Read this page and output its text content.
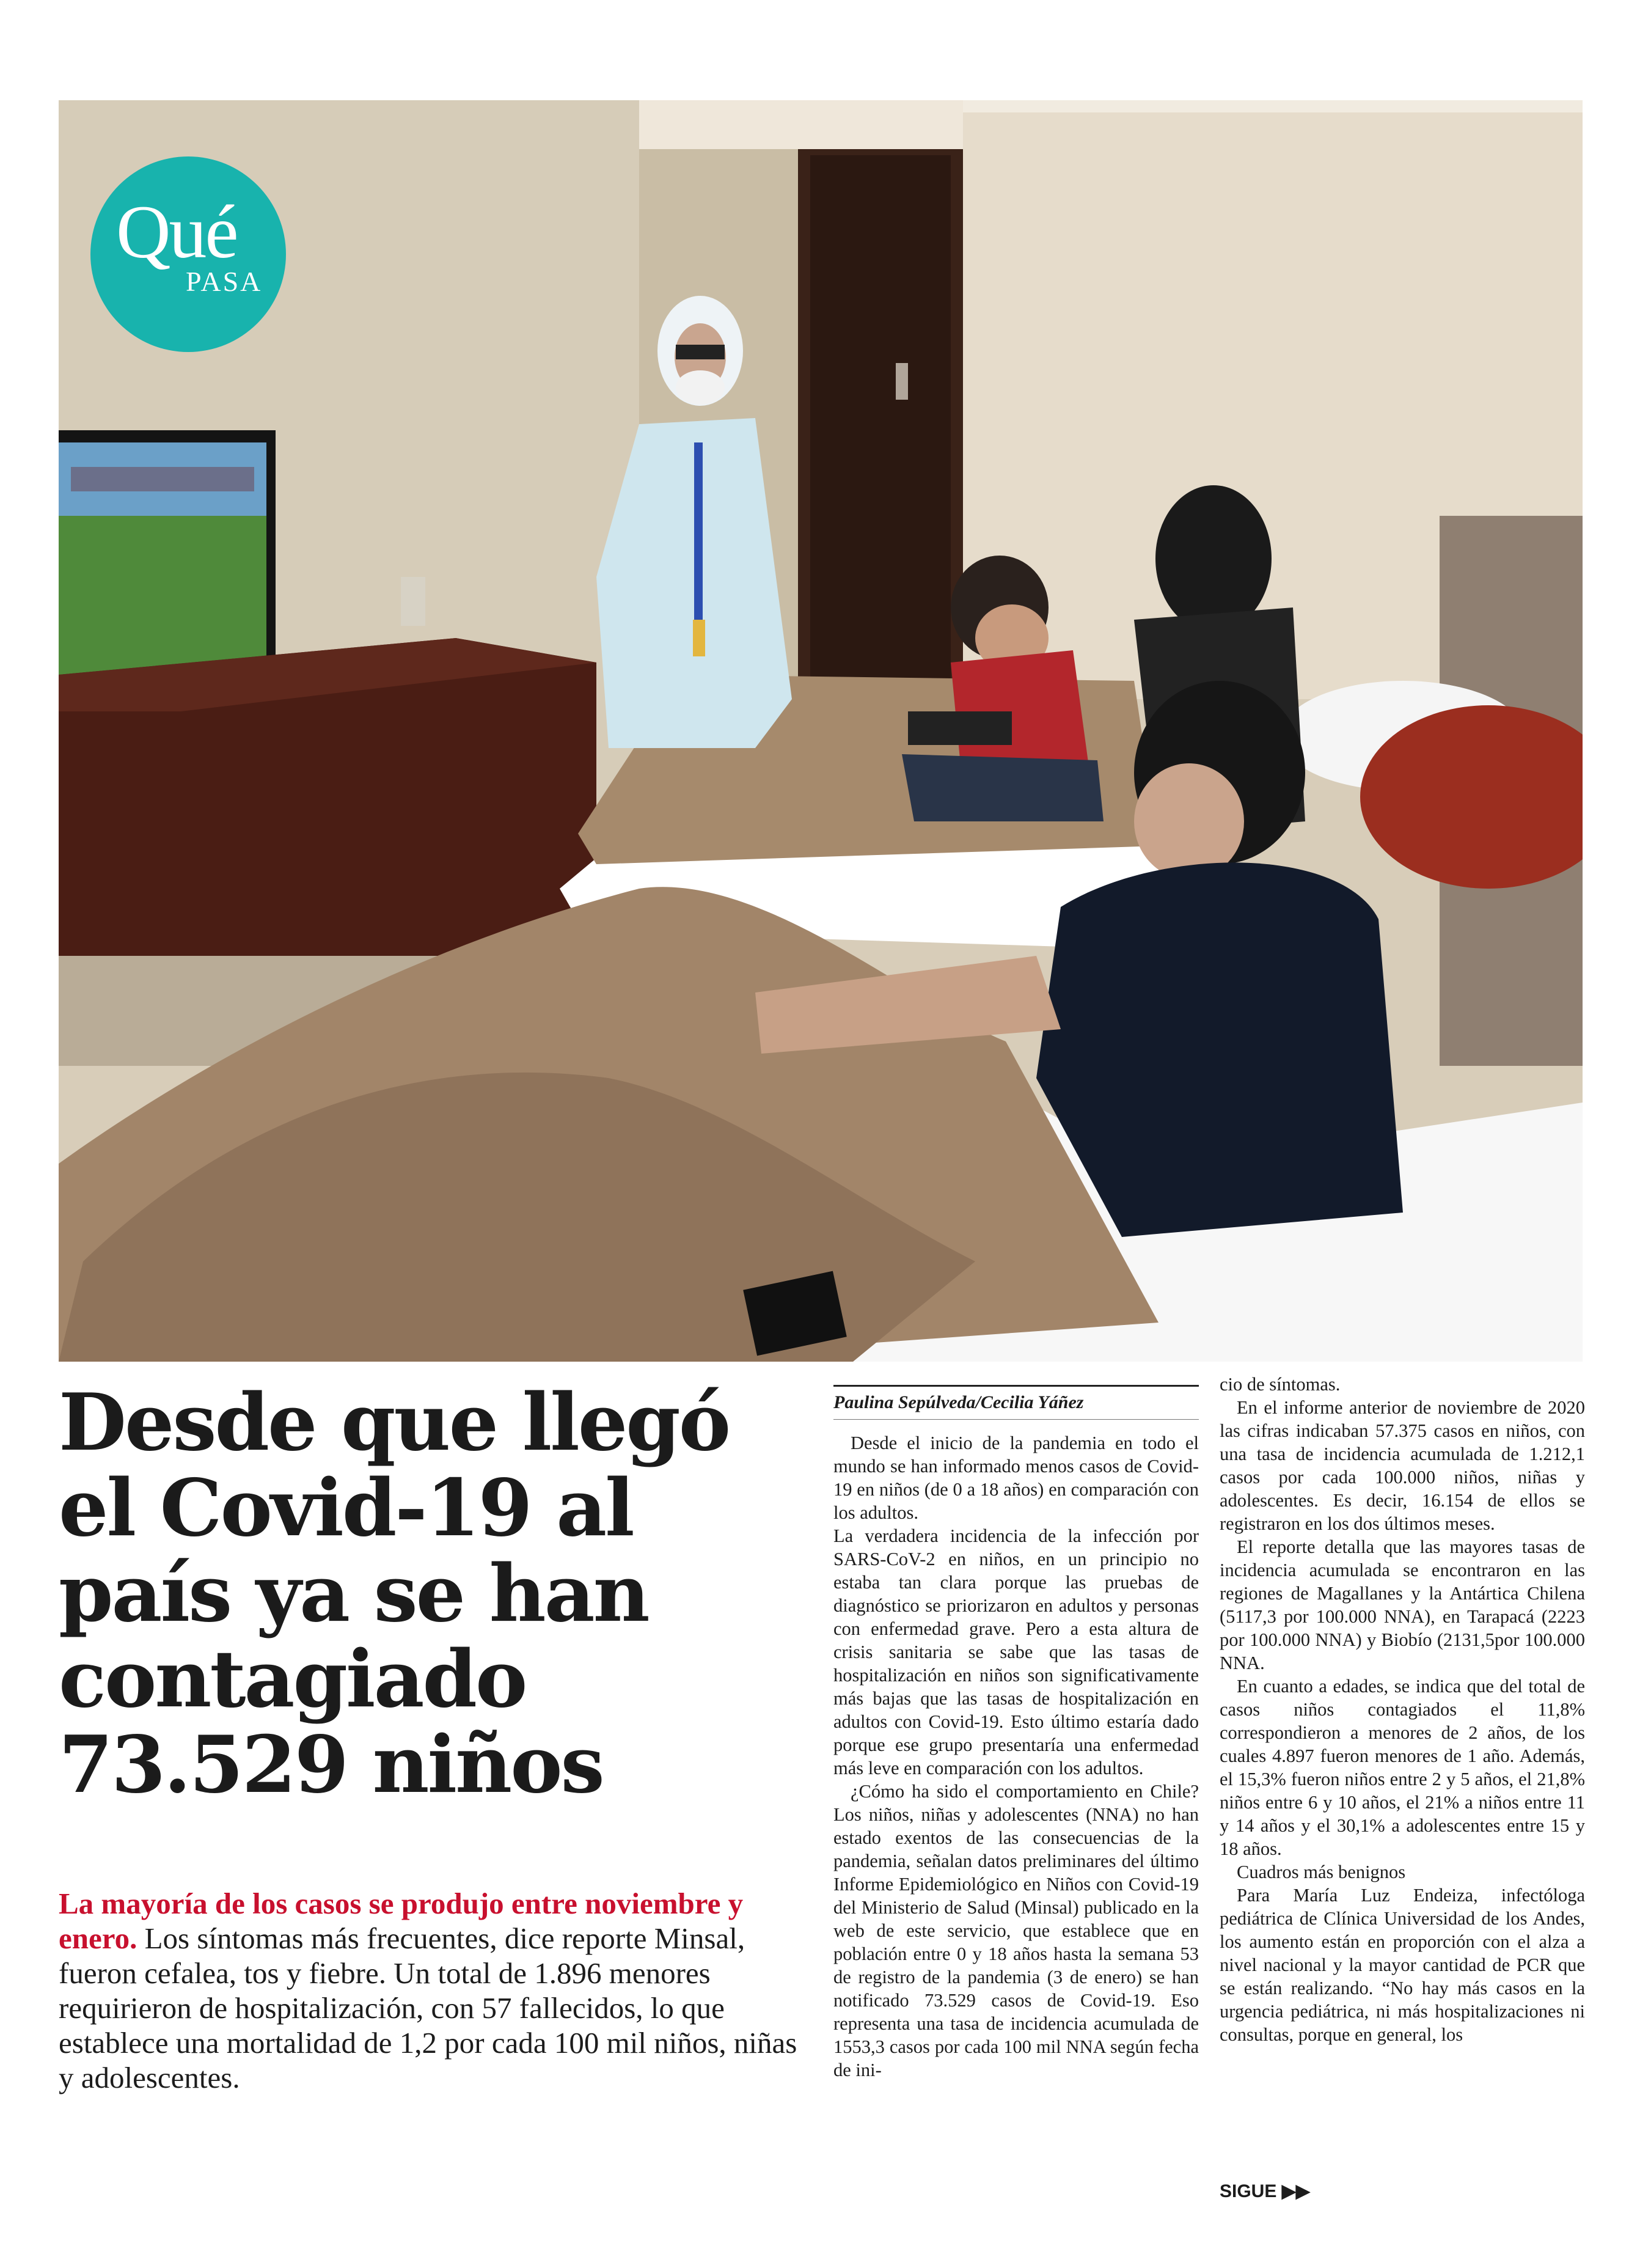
Qué
PASA
Desde que llegó el Covid-19 al país ya se han contagiado 73.529 niños
La mayoría de los casos se produjo entre noviembre y enero. Los síntomas más frecuentes, dice reporte Minsal, fueron cefalea, tos y fiebre. Un total de 1.896 menores requirieron de hospitalización, con 57 fallecidos, lo que establece una mortalidad de 1,2 por cada 100 mil niños, niñas y adolescentes.
Paulina Sepúlveda/Cecilia Yáñez

Desde el inicio de la pandemia en todo el mundo se han informado menos casos de Covid-19 en niños (de 0 a 18 años) en comparación con los adultos.

La verdadera incidencia de la infección por SARS-CoV-2 en niños, en un principio no estaba tan clara porque las pruebas de diagnóstico se priorizaron en adultos y personas con enfermedad grave. Pero a esta altura de crisis sanitaria se sabe que las tasas de hospitalización en niños son significativamente más bajas que las tasas de hospitalización en adultos con Covid-19. Esto último estaría dado porque ese grupo presentaría una enfermedad más leve en comparación con los adultos.

¿Cómo ha sido el comportamiento en Chile? Los niños, niñas y adolescentes (NNA) no han estado exentos de las consecuencias de la pandemia, señalan datos preliminares del último Informe Epidemiológico en Niños con Covid-19 del Ministerio de Salud (Minsal) publicado en la web de este servicio, que establece que en población entre 0 y 18 años hasta la semana 53 de registro de la pandemia (3 de enero) se han notificado 73.529 casos de Covid-19. Eso representa una tasa de incidencia acumulada de 1553,3 casos por cada 100 mil NNA según fecha de ini-

cio de síntomas.

En el informe anterior de noviembre de 2020 las cifras indicaban 57.375 casos en niños, con una tasa de incidencia acumulada de 1.212,1 casos por cada 100.000 niños, niñas y adolescentes. Es decir, 16.154 de ellos se registraron en los dos últimos meses.

El reporte detalla que las mayores tasas de incidencia acumulada se encontraron en las regiones de Magallanes y la Antártica Chilena (5117,3 por 100.000 NNA), en Tarapacá (2223 por 100.000 NNA) y Biobío (2131,5por 100.000 NNA.

En cuanto a edades, se indica que del total de casos niños contagiados el 11,8% correspondieron a menores de 2 años, de los cuales 4.897 fueron menores de 1 año. Además, el 15,3% fueron niños entre 2 y 5 años, el 21,8% niños entre 6 y 10 años, el 21% a niños entre 11 y 14 años y el 30,1% a adolescentes entre 15 y 18 años.

Cuadros más benignos

Para María Luz Endeiza, infectóloga pediátrica de Clínica Universidad de los Andes, los aumento están en proporción con el alza a nivel nacional y la mayor cantidad de PCR que se están realizando. “No hay más casos en la urgencia pediátrica, ni más hospitalizaciones ni consultas, porque en general, los

SIGUE ▶▶
